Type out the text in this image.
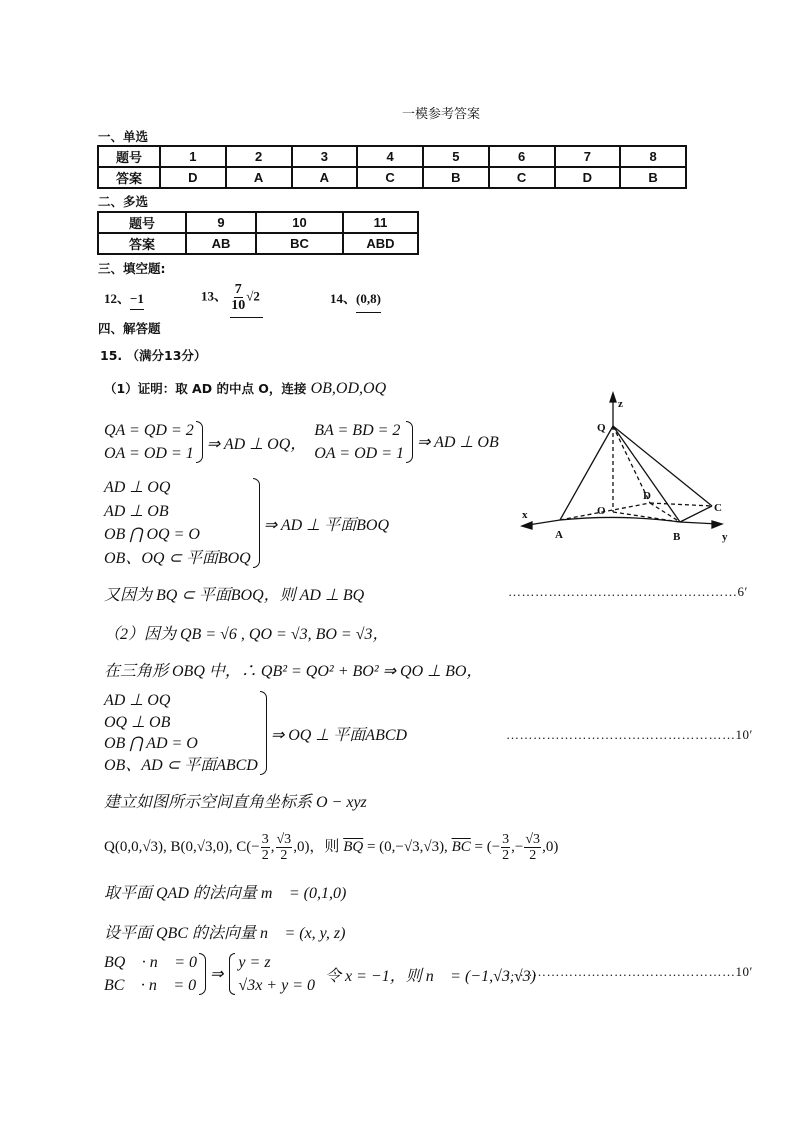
一模参考答案
一、单选
题号	1	2	3	4	5	6	7	8
答案	D	A	A	C	B	C	D	B
二、多选
题号	9	10	11
答案	AB	BC	ABD
三、填空题:
12、−1	13、 $\frac{7}{10} √2$	14、(0,8)
四、解答题
15. （满分13分）
（1）证明：取 AD 的中点 O，连接 OB,OD,OQ
QA = QD = 2
OA = OD = 1
⇒ AD ⊥ OQ，
BA = BD = 2
OA = OD = 1
⇒ AD ⊥ OB
AD ⊥ OQ
AD ⊥ OB
OB ⋂ OQ = O
OB、OQ ⊂ 平面BOQ
⇒ AD ⊥ 平面BOQ
又因为 BQ ⊂ 平面BOQ，则 AD ⊥ BQ	……………………………………………6′
z
Q
O
D
C
x
A	B	y
（2）因为 QB = √6 , QO = √3, BO = √3，
在三角形 OBQ 中，∴ QB² = QO² + BO² ⇒ QO ⊥ BO，
AD ⊥ OQ
OQ ⊥ OB
OB ⋂ AD = O
OB、AD ⊂ 平面ABCD
⇒ OQ ⊥ 平面ABCD	……………………………………………10′
建立如图所示空间直角坐标系 O − xyz
Q(0,0,√3), B(0,√3,0), $C(- \frac{3}{2}$ , $\frac{√3}{2} ,0$)，则 $\overline{BQ} = (0,-√3,√3)$, $\overline{BC}$ = (− $\frac{3}{2}$ ,− $\frac{√3}{2} ,0$)
取平面 QAD 的法向量 m⃗ = (0,1,0)
设平面 QBC 的法向量 n⃗ = (x, y, z)
BQ⃗ · n⃗ = 0
BC⃗ · n⃗ = 0
⇒
y = z
√3x + y = 0
令 x = −1，则 n⃗ = (−1,√3,√3)
……………………………………………10′
